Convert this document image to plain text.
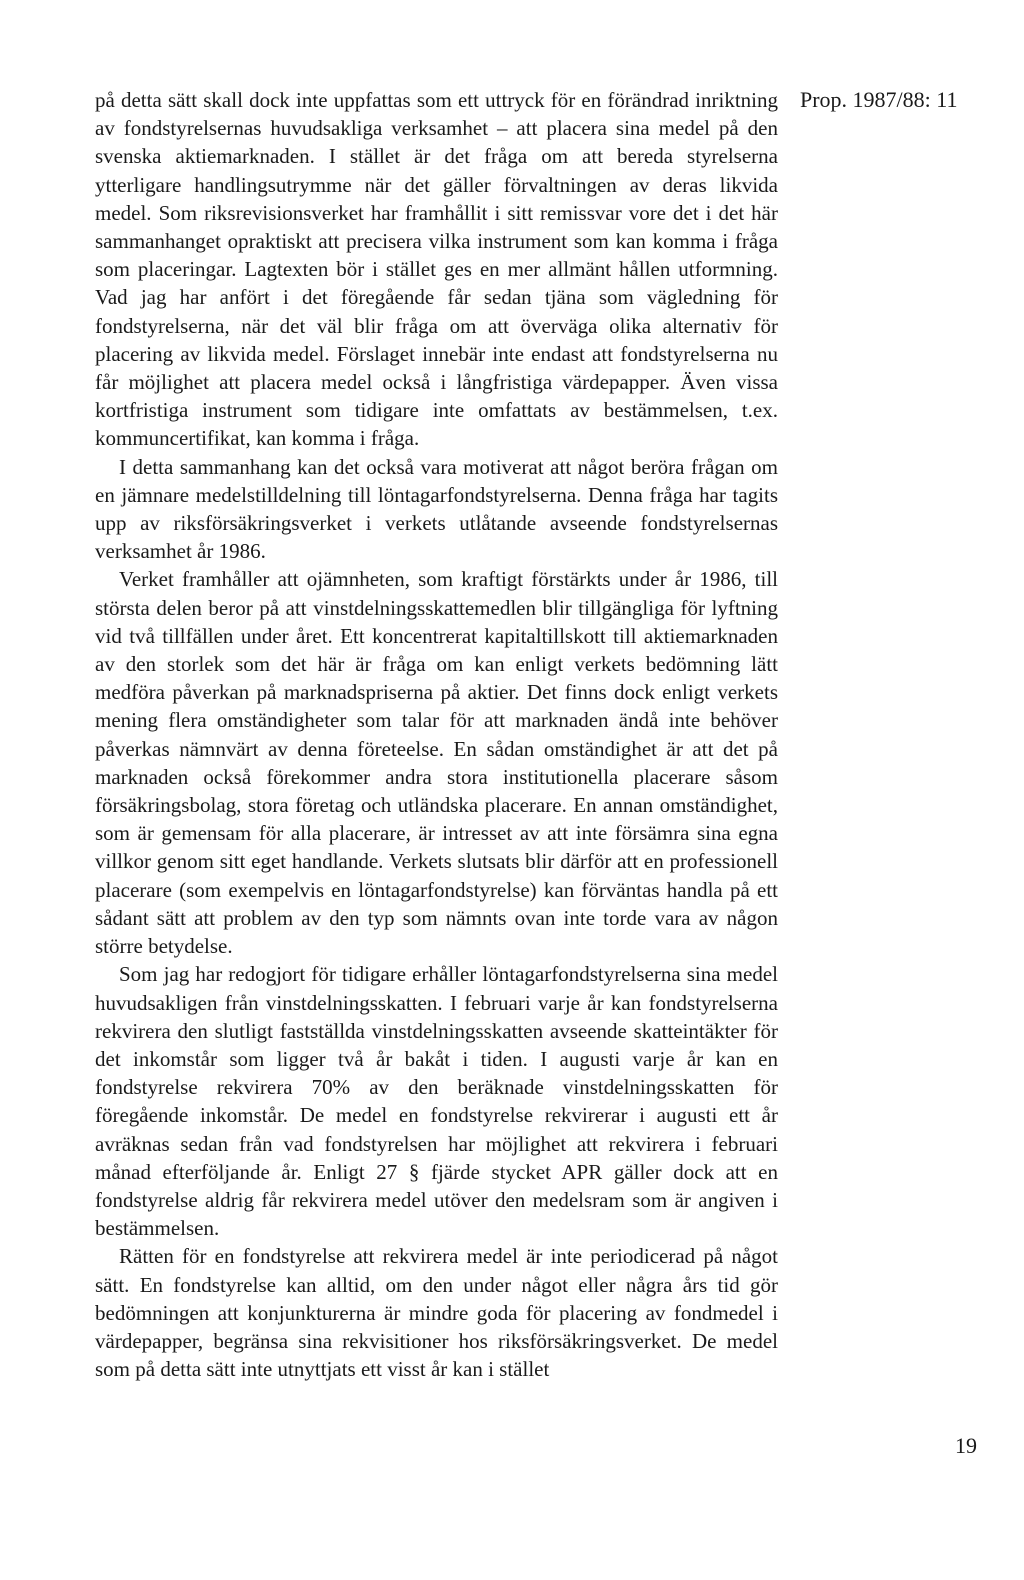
Prop. 1987/88: 11

på detta sätt skall dock inte uppfattas som ett uttryck för en förändrad inriktning av fondstyrelsernas huvudsakliga verksamhet – att placera sina medel på den svenska aktiemarknaden. I stället är det fråga om att bereda styrelserna ytterligare handlingsutrymme när det gäller förvaltningen av deras likvida medel. Som riksrevisionsverket har framhållit i sitt remissvar vore det i det här sammanhanget opraktiskt att precisera vilka instrument som kan komma i fråga som placeringar. Lagtexten bör i stället ges en mer allmänt hållen utformning. Vad jag har anfört i det föregående får sedan tjäna som vägledning för fondstyrelserna, när det väl blir fråga om att överväga olika alternativ för placering av likvida medel. Förslaget innebär inte endast att fondstyrelserna nu får möjlighet att placera medel också i långfristiga värdepapper. Även vissa kortfristiga instrument som tidigare inte omfattats av bestämmelsen, t.ex. kommuncertifikat, kan komma i fråga.

I detta sammanhang kan det också vara motiverat att något beröra frågan om en jämnare medelstilldelning till löntagarfondstyrelserna. Denna fråga har tagits upp av riksförsäkringsverket i verkets utlåtande avseende fondstyrelsernas verksamhet år 1986.

Verket framhåller att ojämnheten, som kraftigt förstärkts under år 1986, till största delen beror på att vinstdelningsskattemedlen blir tillgängliga för lyftning vid två tillfällen under året. Ett koncentrerat kapitaltillskott till aktiemarknaden av den storlek som det här är fråga om kan enligt verkets bedömning lätt medföra påverkan på marknadspriserna på aktier. Det finns dock enligt verkets mening flera omständigheter som talar för att marknaden ändå inte behöver påverkas nämnvärt av denna företeelse. En sådan omständighet är att det på marknaden också förekommer andra stora institutionella placerare såsom försäkringsbolag, stora företag och utländska placerare. En annan omständighet, som är gemensam för alla placerare, är intresset av att inte försämra sina egna villkor genom sitt eget handlande. Verkets slutsats blir därför att en professionell placerare (som exempelvis en löntagarfondstyrelse) kan förväntas handla på ett sådant sätt att problem av den typ som nämnts ovan inte torde vara av någon större betydelse.

Som jag har redogjort för tidigare erhåller löntagarfondstyrelserna sina medel huvudsakligen från vinstdelningsskatten. I februari varje år kan fondstyrelserna rekvirera den slutligt fastställda vinstdelningsskatten avseende skatteintäkter för det inkomstår som ligger två år bakåt i tiden. I augusti varje år kan en fondstyrelse rekvirera 70% av den beräknade vinstdelningsskatten för föregående inkomstår. De medel en fondstyrelse rekvirerar i augusti ett år avräknas sedan från vad fondstyrelsen har möjlighet att rekvirera i februari månad efterföljande år. Enligt 27 § fjärde stycket APR gäller dock att en fondstyrelse aldrig får rekvirera medel utöver den medelsram som är angiven i bestämmelsen.

Rätten för en fondstyrelse att rekvirera medel är inte periodicerad på något sätt. En fondstyrelse kan alltid, om den under något eller några års tid gör bedömningen att konjunkturerna är mindre goda för placering av fondmedel i värdepapper, begränsa sina rekvisitioner hos riksförsäkringsverket. De medel som på detta sätt inte utnyttjats ett visst år kan i stället

19
